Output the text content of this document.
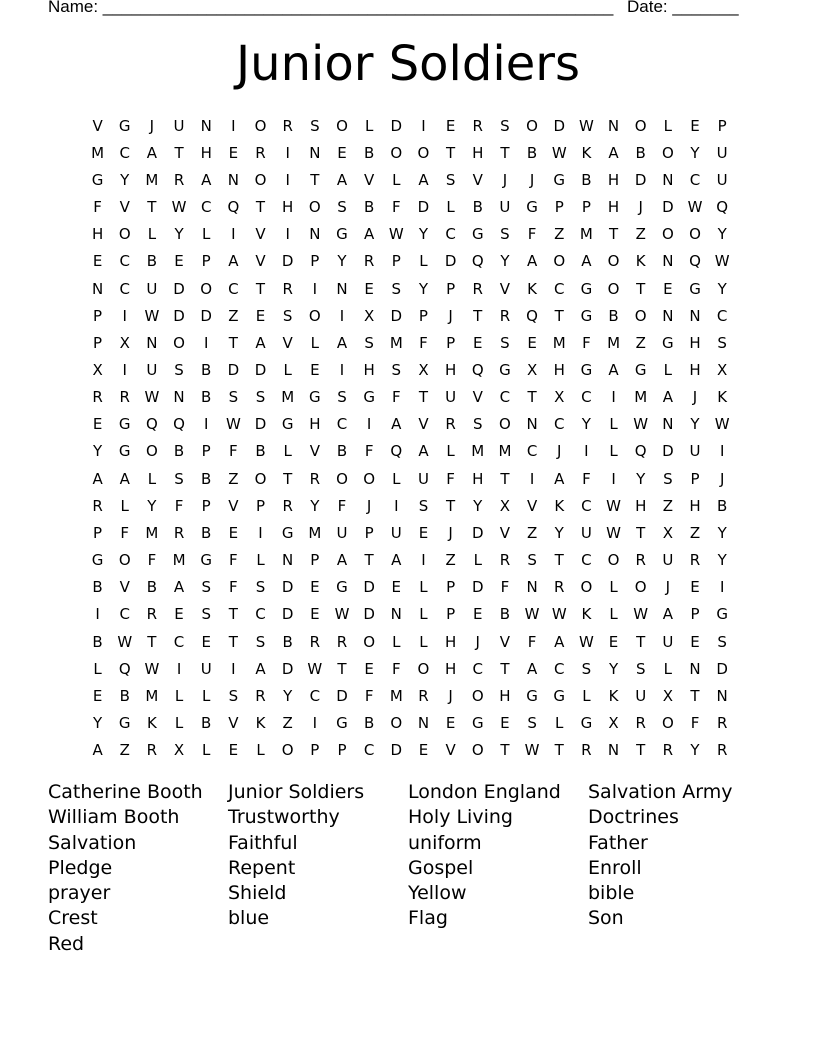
Name: ______________________________________________________ Date: _______
Junior Soldiers
V	G	J	U	N	I	O	R	S	O	L	D	I	E	R	S	O	D W N	O	L	E	P
M	C	A	T	H	E	R	I	N	E	B	O	O	T	H	T	B W K	A	B	O	Y	U
G	Y	M	R	A	N	O	I	T	A	V	L	A	S	V	J	J	G	B	H	D	N	C	U
F	V	T	W C	Q	T	H	O	S	B	F	D	L	B	U	G	P	P	H	J	D W Q
H	O	L	Y	L	I	V	I	N	G	A W	Y	C	G	S	F	Z	M	T	Z	O	O	Y
E	C	B	E	P	A	V	D	P	Y	R	P	L	D	Q	Y	A	O	A	O	K	N	Q W
N	C	U	D	O	C	T	R	I	N	E	S	Y	P	R	V	K	C	G	O	T	E	G	Y
P	I	W D	D	Z	E	S	O	I	X	D	P	J	T	R	Q	T	G	B	O	N	N	C
P	X	N	O	I	T	A	V	L	A	S	M	F	P	E	S	E	M	F	M	Z	G	H	S
X	I	U	S	B	D	D	L	E	I	H	S	X	H	Q	G	X	H	G	A	G	L	H	X
R	R W N	B	S	S	M G	S	G	F	T	U	V	C	T	X	C	I	M	A	J	K
E	G	Q	Q	I	W D	G	H	C	I	A	V	R	S	O	N	C	Y	L	W N	Y	W
Y	G	O	B	P	F	B	L	V	B	F	Q	A	L	M M	C	J	I	L	Q	D	U	I
A	A	L	S	B	Z	O	T	R	O	O	L	U	F	H	T	I	A	F	I	Y	S	P	J
R	L	Y	F	P	V	P	R	Y	F	J	I	S	T	Y	X	V	K	C W H	Z	H	B
P	F	M	R	B	E	I	G M	U	P	U	E	J	D	V	Z	Y	U W	T	X	Z	Y
G	O	F	M G	F	L	N	P	A	T	A	I	Z	L	R	S	T	C	O	R	U	R	Y
B	V	B	A	S	F	S	D	E	G	D	E	L	P	D	F	N	R	O	L	O	J	E	I
I	C	R	E	S	T	C	D	E	W D	N	L	P	E	B W W K	L	W A	P	G
B W	T	C	E	T	S	B	R	R	O	L	L	H	J	V	F	A W E	T	U	E	S
L	Q W	I	U	I	A	D W	T	E	F	O	H	C	T	A	C	S	Y	S	L	N	D
E	B	M	L	L	S	R	Y	C	D	F	M	R	J	O	H	G	G	L	K	U	X	T	N
Y	G	K	L	B	V	K	Z	I	G	B	O	N	E	G	E	S	L	G	X	R	O	F	R
A	Z	R	X	L	E	L	O	P	P	C	D	E	V	O	T	W	T	R	N	T	R	Y	R
Catherine Booth	Junior Soldiers	London England	Salvation Army
William Booth	Trustworthy	Holy Living	Doctrines
Salvation	Faithful	uniform	Father
Pledge	Repent	Gospel	Enroll
prayer	Shield	Yellow	bible
Crest	blue	Flag	Son
Red
